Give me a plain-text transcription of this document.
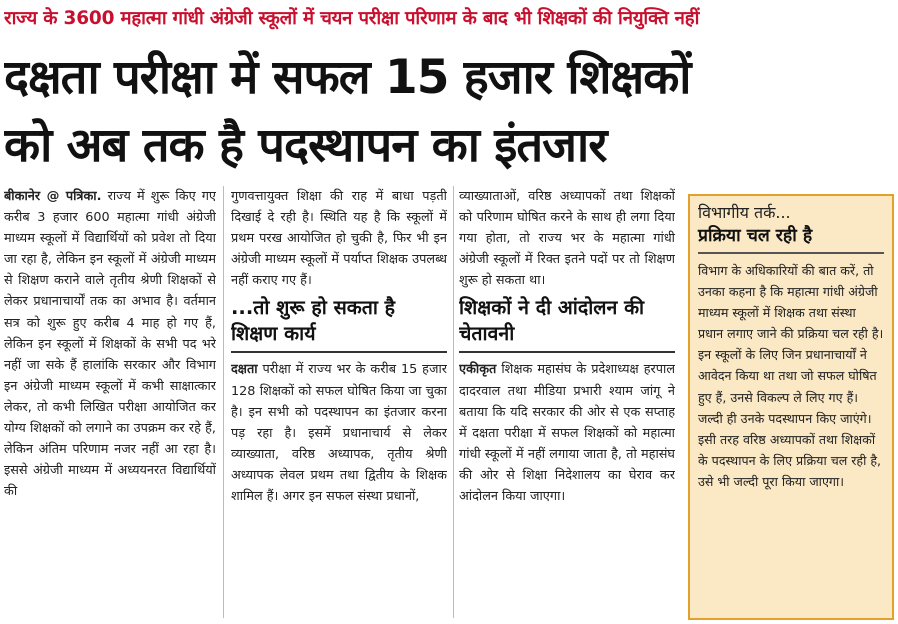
राज्य के 3600 महात्मा गांधी अंग्रेजी स्कूलों में चयन परीक्षा परिणाम के बाद भी शिक्षकों की नियुक्ति नहीं
दक्षता परीक्षा में सफल 15 हजार शिक्षकों
को अब तक है पदस्थापन का इंतजार

बीकानेर @ पत्रिका. राज्य में शुरू किए गए करीब 3 हजार 600 महात्मा गांधी अंग्रेजी माध्यम स्कूलों में विद्यार्थियों को प्रवेश तो दिया जा रहा है, लेकिन इन स्कूलों में अंग्रेजी माध्यम से शिक्षण कराने वाले तृतीय श्रेणी शिक्षकों से लेकर प्रधानाचार्यों तक का अभाव है। वर्तमान सत्र को शुरू हुए करीब 4 माह हो गए हैं, लेकिन इन स्कूलों में शिक्षकों के सभी पद भरे नहीं जा सके हैं हालांकि सरकार और विभाग इन अंग्रेजी माध्यम स्कूलों में कभी साक्षात्कार लेकर, तो कभी लिखित परीक्षा आयोजित कर योग्य शिक्षकों को लगाने का उपक्रम कर रहे हैं, लेकिन अंतिम परिणाम नजर नहीं आ रहा है। इससे अंग्रेजी माध्यम में अध्ययनरत विद्यार्थियों की

गुणवत्तायुक्त शिक्षा की राह में बाधा पड़ती दिखाई दे रही है। स्थिति यह है कि स्कूलों में प्रथम परख आयोजित हो चुकी है, फिर भी इन अंग्रेजी माध्यम स्कूलों में पर्याप्त शिक्षक उपलब्ध नहीं कराए गए हैं।

...तो शुरू हो सकता है शिक्षण कार्य

दक्षता परीक्षा में राज्य भर के करीब 15 हजार 128 शिक्षकों को सफल घोषित किया जा चुका है। इन सभी को पदस्थापन का इंतजार करना पड़ रहा है। इसमें प्रधानाचार्य से लेकर व्याख्याता, वरिष्ठ अध्यापक, तृतीय श्रेणी अध्यापक लेवल प्रथम तथा द्वितीय के शिक्षक शामिल हैं। अगर इन सफल संस्था प्रधानों,

व्याख्याताओं, वरिष्ठ अध्यापकों तथा शिक्षकों को परिणाम घोषित करने के साथ ही लगा दिया गया होता, तो राज्य भर के महात्मा गांधी अंग्रेजी स्कूलों में रिक्त इतने पदों पर तो शिक्षण शुरू हो सकता था।

शिक्षकों ने दी आंदोलन की चेतावनी

एकीकृत शिक्षक महासंघ के प्रदेशाध्यक्ष हरपाल दादरवाल तथा मीडिया प्रभारी श्याम जांगू ने बताया कि यदि सरकार की ओर से एक सप्ताह में दक्षता परीक्षा में सफल शिक्षकों को महात्मा गांधी स्कूलों में नहीं लगाया जाता है, तो महासंघ की ओर से शिक्षा निदेशालय का घेराव कर आंदोलन किया जाएगा।

विभागीय तर्क...
प्रक्रिया चल रही है
विभाग के अधिकारियों की बात करें, तो उनका कहना है कि महात्मा गांधी अंग्रेजी माध्यम स्कूलों में शिक्षक तथा संस्था प्रधान लगाए जाने की प्रक्रिया चल रही है। इन स्कूलों के लिए जिन प्रधानाचार्यों ने आवेदन किया था तथा जो सफल घोषित हुए हैं, उनसे विकल्प ले लिए गए हैं। जल्दी ही उनके पदस्थापन किए जाएंगे। इसी तरह वरिष्ठ अध्यापकों तथा शिक्षकों के पदस्थापन के लिए प्रक्रिया चल रही है, उसे भी जल्दी पूरा किया जाएगा।
